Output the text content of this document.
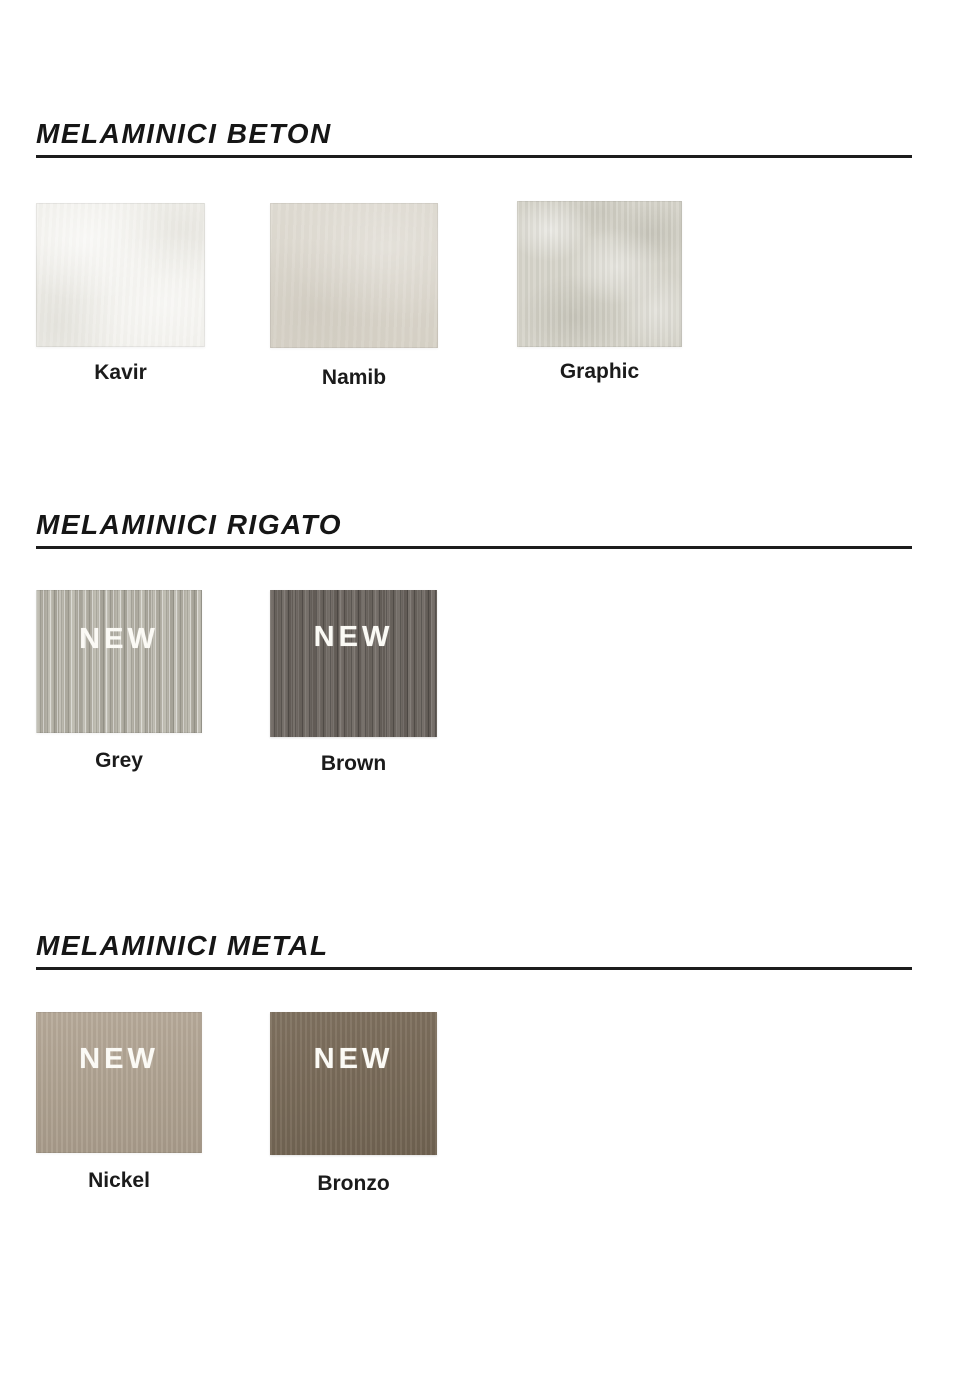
MELAMINICI BETON
Kavir	Namib	Graphic
MELAMINICI RIGATO
NEW
Grey
NEW
Brown
MELAMINICI METAL
NEW
Nickel
NEW
Bronzo
